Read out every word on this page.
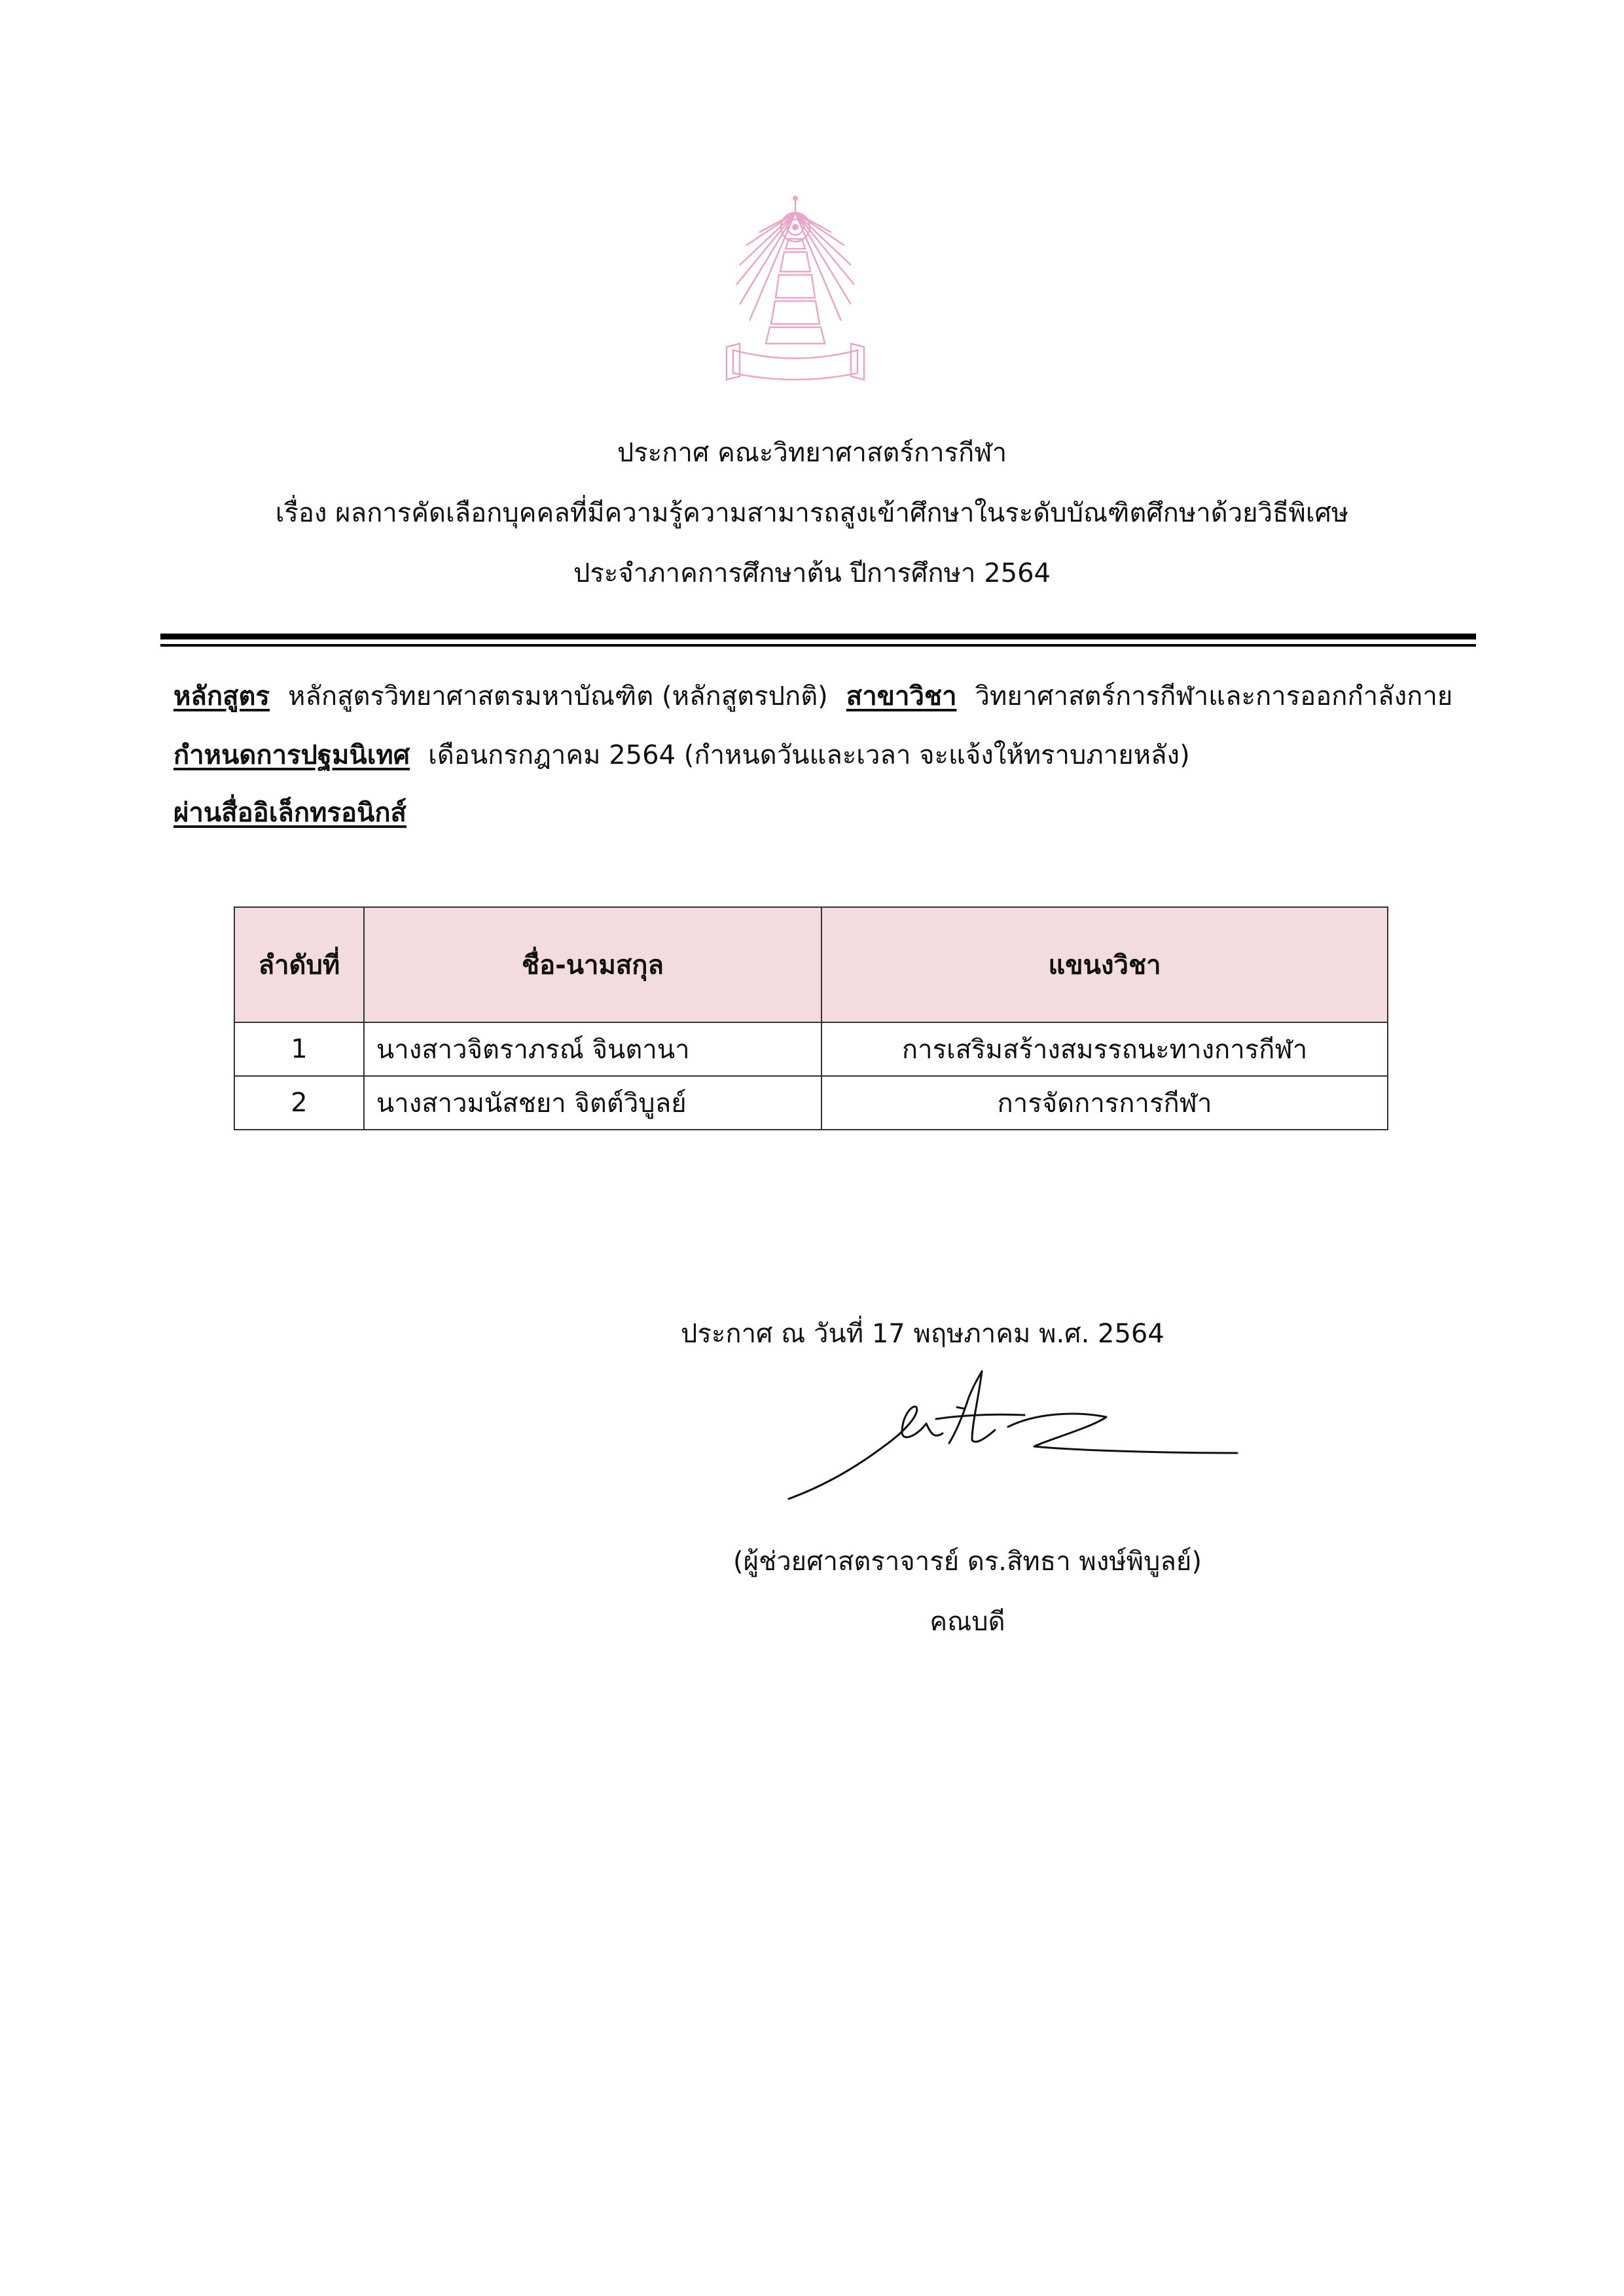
ประกาศ คณะวิทยาศาสตร์การกีฬา
เรื่อง ผลการคัดเลือกบุคคลที่มีความรู้ความสามารถสูงเข้าศึกษาในระดับบัณฑิตศึกษาด้วยวิธีพิเศษ
ประจำภาคการศึกษาต้น ปีการศึกษา 2564
หลักสูตร หลักสูตรวิทยาศาสตรมหาบัณฑิต (หลักสูตรปกติ) สาขาวิชา วิทยาศาสตร์การกีฬาและการออกกำลังกาย
กำหนดการปฐมนิเทศ เดือนกรกฎาคม 2564 (กำหนดวันและเวลา จะแจ้งให้ทราบภายหลัง)
ผ่านสื่ออิเล็กทรอนิกส์
ลำดับที่	ชื่อ-นามสกุล	แขนงวิชา
1	นางสาวจิตราภรณ์ จินตานา	การเสริมสร้างสมรรถนะทางการกีฬา
2	นางสาวมนัสชยา จิตต์วิบูลย์	การจัดการการกีฬา
ประกาศ ณ วันที่ 17 พฤษภาคม พ.ศ. 2564
(ผู้ช่วยศาสตราจารย์ ดร.สิทธา พงษ์พิบูลย์)
คณบดี
